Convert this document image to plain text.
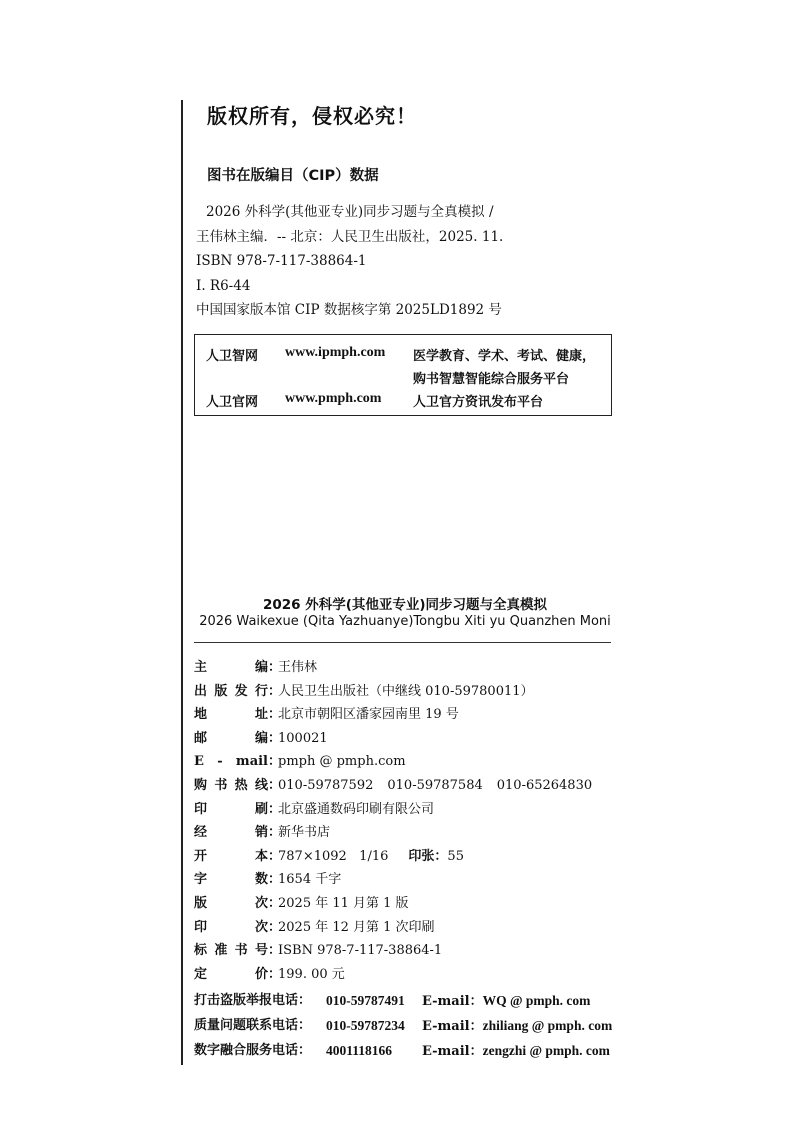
版权所有，侵权必究！
图书在版编目（CIP）数据
2026 外科学(其他亚专业)同步习题与全真模拟 /
王伟林主编．-- 北京：人民卫生出版社，2025. 11.
ISBN 978-7-117-38864-1
Ⅰ. R6-44
中国国家版本馆 CIP 数据核字第 2025LD1892 号
人卫智网 www.ipmph.com 医学教育、学术、考试、健康，
购书智慧智能综合服务平台
人卫官网 www.pmph.com 人卫官方资讯发布平台
2026 外科学(其他亚专业)同步习题与全真模拟
2026 Waikexue (Qita Yazhuanye)Tongbu Xiti yu Quanzhen Moni
主编：王伟林
出版发行：人民卫生出版社（中继线 010-59780011）
地址：北京市朝阳区潘家园南里 19 号
邮编：100021
E - mail：pmph @ pmph.com
购书热线：010-59787592 010-59787584 010-65264830
印刷：北京盛通数码印刷有限公司
经销：新华书店
开本：787×1092   1/16 印张：55
字数：1654 千字
版次：2025 年 11 月第 1 版
印次：2025 年 12 月第 1 次印刷
标准书号：ISBN 978-7-117-38864-1
定价：199. 00 元
打击盗版举报电话： 010-59787491 E-mail：WQ @ pmph. com
质量问题联系电话： 010-59787234 E-mail：zhiliang @ pmph. com
数字融合服务电话： 4001118166 E-mail：zengzhi @ pmph. com
